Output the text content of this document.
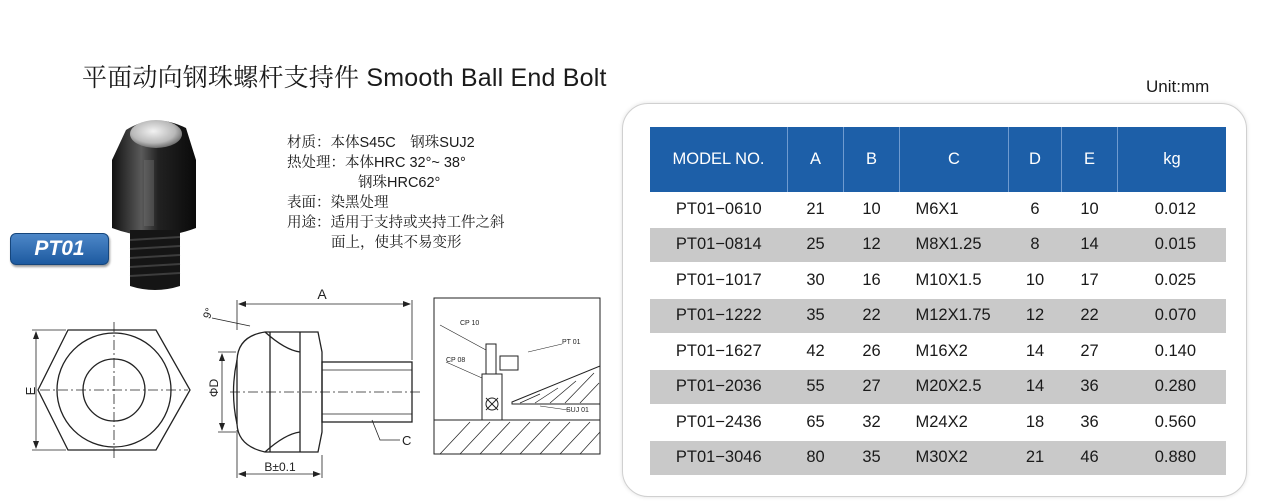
平面动向钢珠螺杆支持件 Smooth Ball End Bolt	Unit:mm
PT01
材质：本体S45C　钢珠SUJ2
热处理：本体HRC 32°~ 38°
钢珠HRC62°
表面：染黑处理
用途：适用于支持或夹持工件之斜
面上，使其不易变形
E
A
ΦD
B±0.1
C
9°
CP 10
CP 08
PT 01
SUJ 01
MODEL NO.	A	B	C	D	E	kg
PT01−0610	21	10	M6X1	6	10	0.012
PT01−0814	25	12	M8X1.25	8	14	0.015
PT01−1017	30	16	M10X1.5	10	17	0.025
PT01−1222	35	22	M12X1.75	12	22	0.070
PT01−1627	42	26	M16X2	14	27	0.140
PT01−2036	55	27	M20X2.5	14	36	0.280
PT01−2436	65	32	M24X2	18	36	0.560
PT01−3046	80	35	M30X2	21	46	0.880
